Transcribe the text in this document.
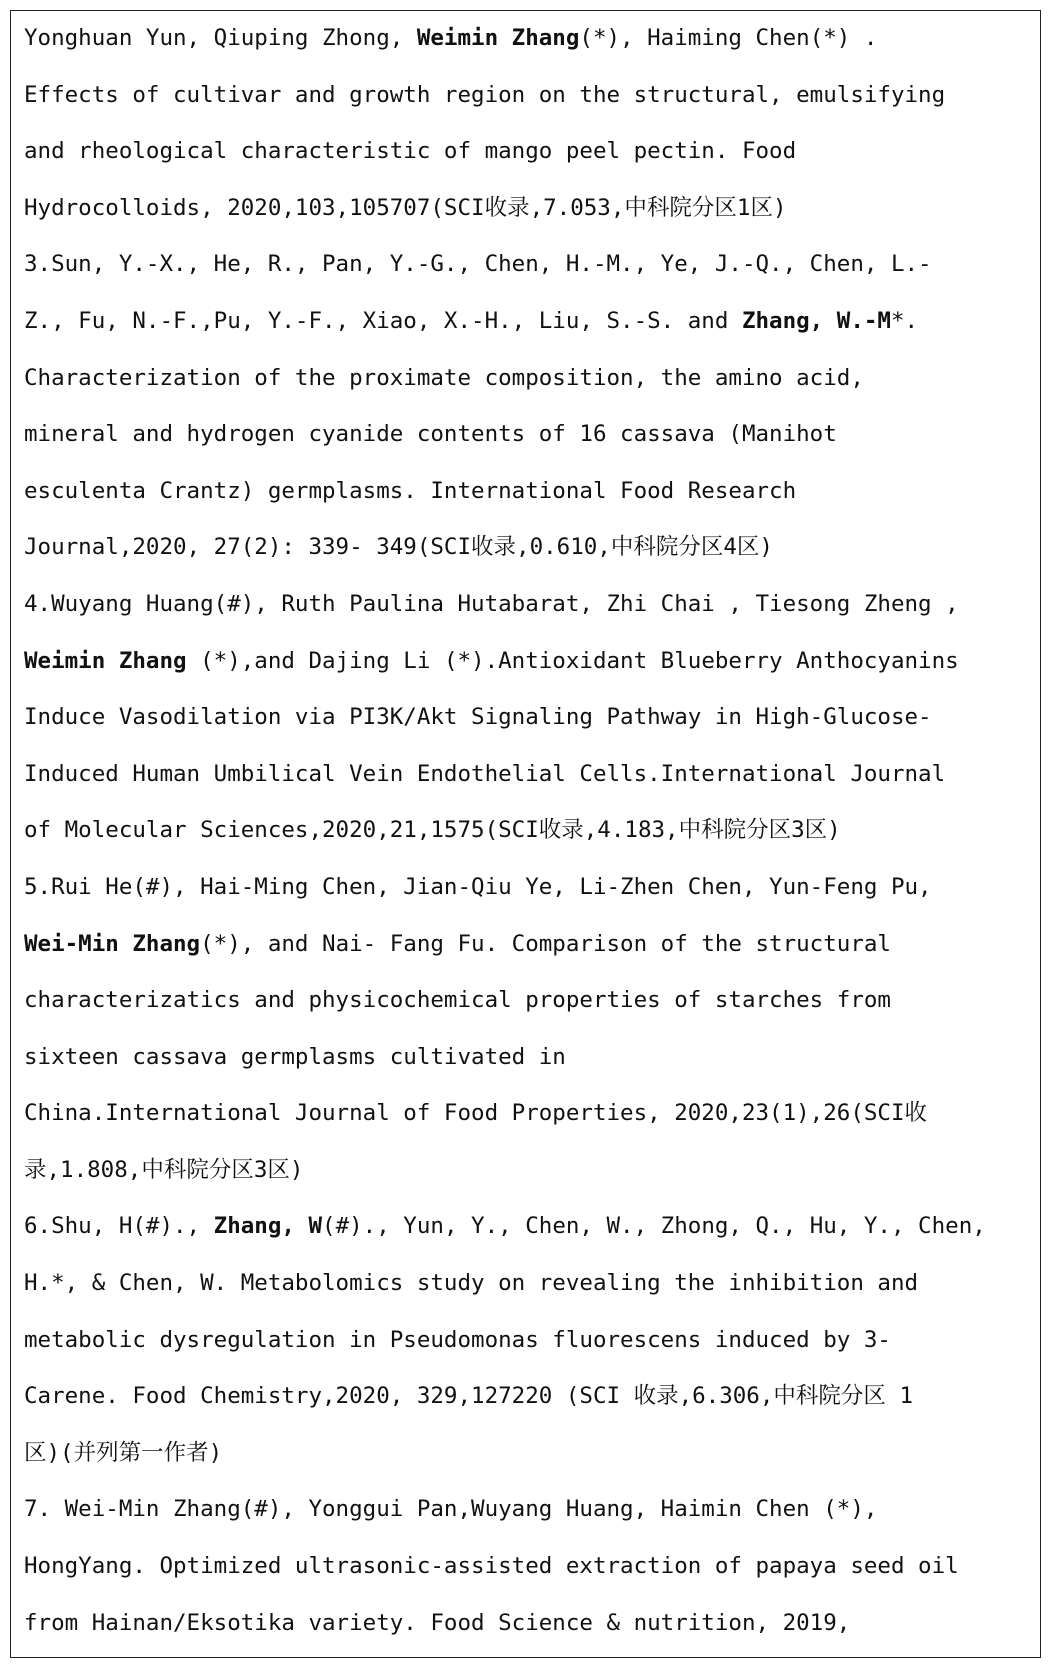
Yonghuan Yun, Qiuping Zhong, Weimin Zhang(*), Haiming Chen(*) .
Effects of cultivar and growth region on the structural, emulsifying
and rheological characteristic of mango peel pectin. Food
Hydrocolloids, 2020,103,105707(SCI收录,7.053,中科院分区1区)
3.Sun, Y.-X., He, R., Pan, Y.-G., Chen, H.-M., Ye, J.-Q., Chen, L.-
Z., Fu, N.-F.,Pu, Y.-F., Xiao, X.-H., Liu, S.-S. and Zhang, W.-M*.
Characterization of the proximate composition, the amino acid,
mineral and hydrogen cyanide contents of 16 cassava (Manihot
esculenta Crantz) germplasms. International Food Research
Journal,2020, 27(2): 339- 349(SCI收录,0.610,中科院分区4区)
4.Wuyang Huang(#), Ruth Paulina Hutabarat, Zhi Chai , Tiesong Zheng ,
Weimin Zhang (*),and Dajing Li (*).Antioxidant Blueberry Anthocyanins
Induce Vasodilation via PI3K/Akt Signaling Pathway in High-Glucose-
Induced Human Umbilical Vein Endothelial Cells.International Journal
of Molecular Sciences,2020,21,1575(SCI收录,4.183,中科院分区3区)
5.Rui He(#), Hai-Ming Chen, Jian-Qiu Ye, Li-Zhen Chen, Yun-Feng Pu,
Wei-Min Zhang(*), and Nai- Fang Fu. Comparison of the structural
characterizatics and physicochemical properties of starches from
sixteen cassava germplasms cultivated in
China.International Journal of Food Properties, 2020,23(1),26(SCI收
录,1.808,中科院分区3区)
6.Shu, H(#)., Zhang, W(#)., Yun, Y., Chen, W., Zhong, Q., Hu, Y., Chen,
H.*, & Chen, W. Metabolomics study on revealing the inhibition and
metabolic dysregulation in Pseudomonas fluorescens induced by 3-
Carene. Food Chemistry,2020, 329,127220 (SCI 收录,6.306,中科院分区 1
区)(并列第一作者)
7. Wei-Min Zhang(#), Yonggui Pan,Wuyang Huang, Haimin Chen (*),
HongYang. Optimized ultrasonic-assisted extraction of papaya seed oil
from Hainan/Eksotika variety. Food Science & nutrition, 2019,
